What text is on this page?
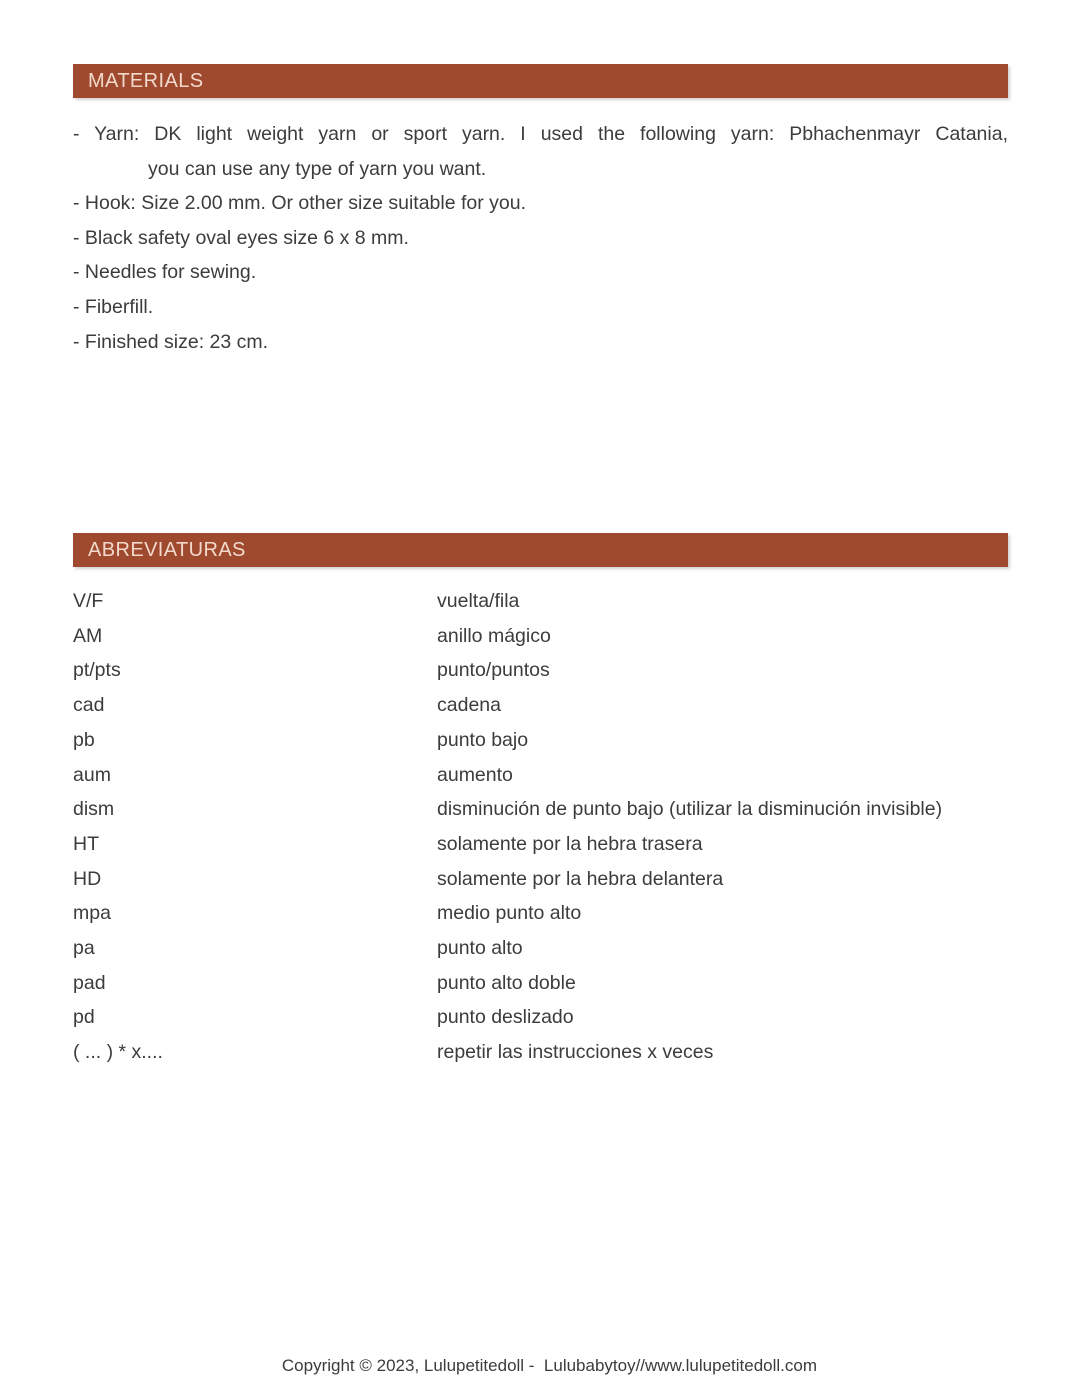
MATERIALS
- Yarn: DK light weight yarn or sport yarn. I used the following yarn: Pbhachenmayr Catania,
you can use any type of yarn you want.
- Hook: Size 2.00 mm. Or other size suitable for you.
- Black safety oval eyes size 6 x 8 mm.
- Needles for sewing.
- Fiberfill.
- Finished size: 23 cm.
ABREVIATURAS
V/F	vuelta/fila
AM	anillo mágico
pt/pts	punto/puntos
cad	cadena
pb	punto bajo
aum	aumento
dism	disminución de punto bajo (utilizar la disminución invisible)
HT	solamente por la hebra trasera
HD	solamente por la hebra delantera
mpa	medio punto alto
pa	punto alto
pad	punto alto doble
pd	punto deslizado
( ... ) * x....	repetir las instrucciones x veces

Copyright © 2023, Lulupetitedoll -  Lulubabytoy//www.lulupetitedoll.com
